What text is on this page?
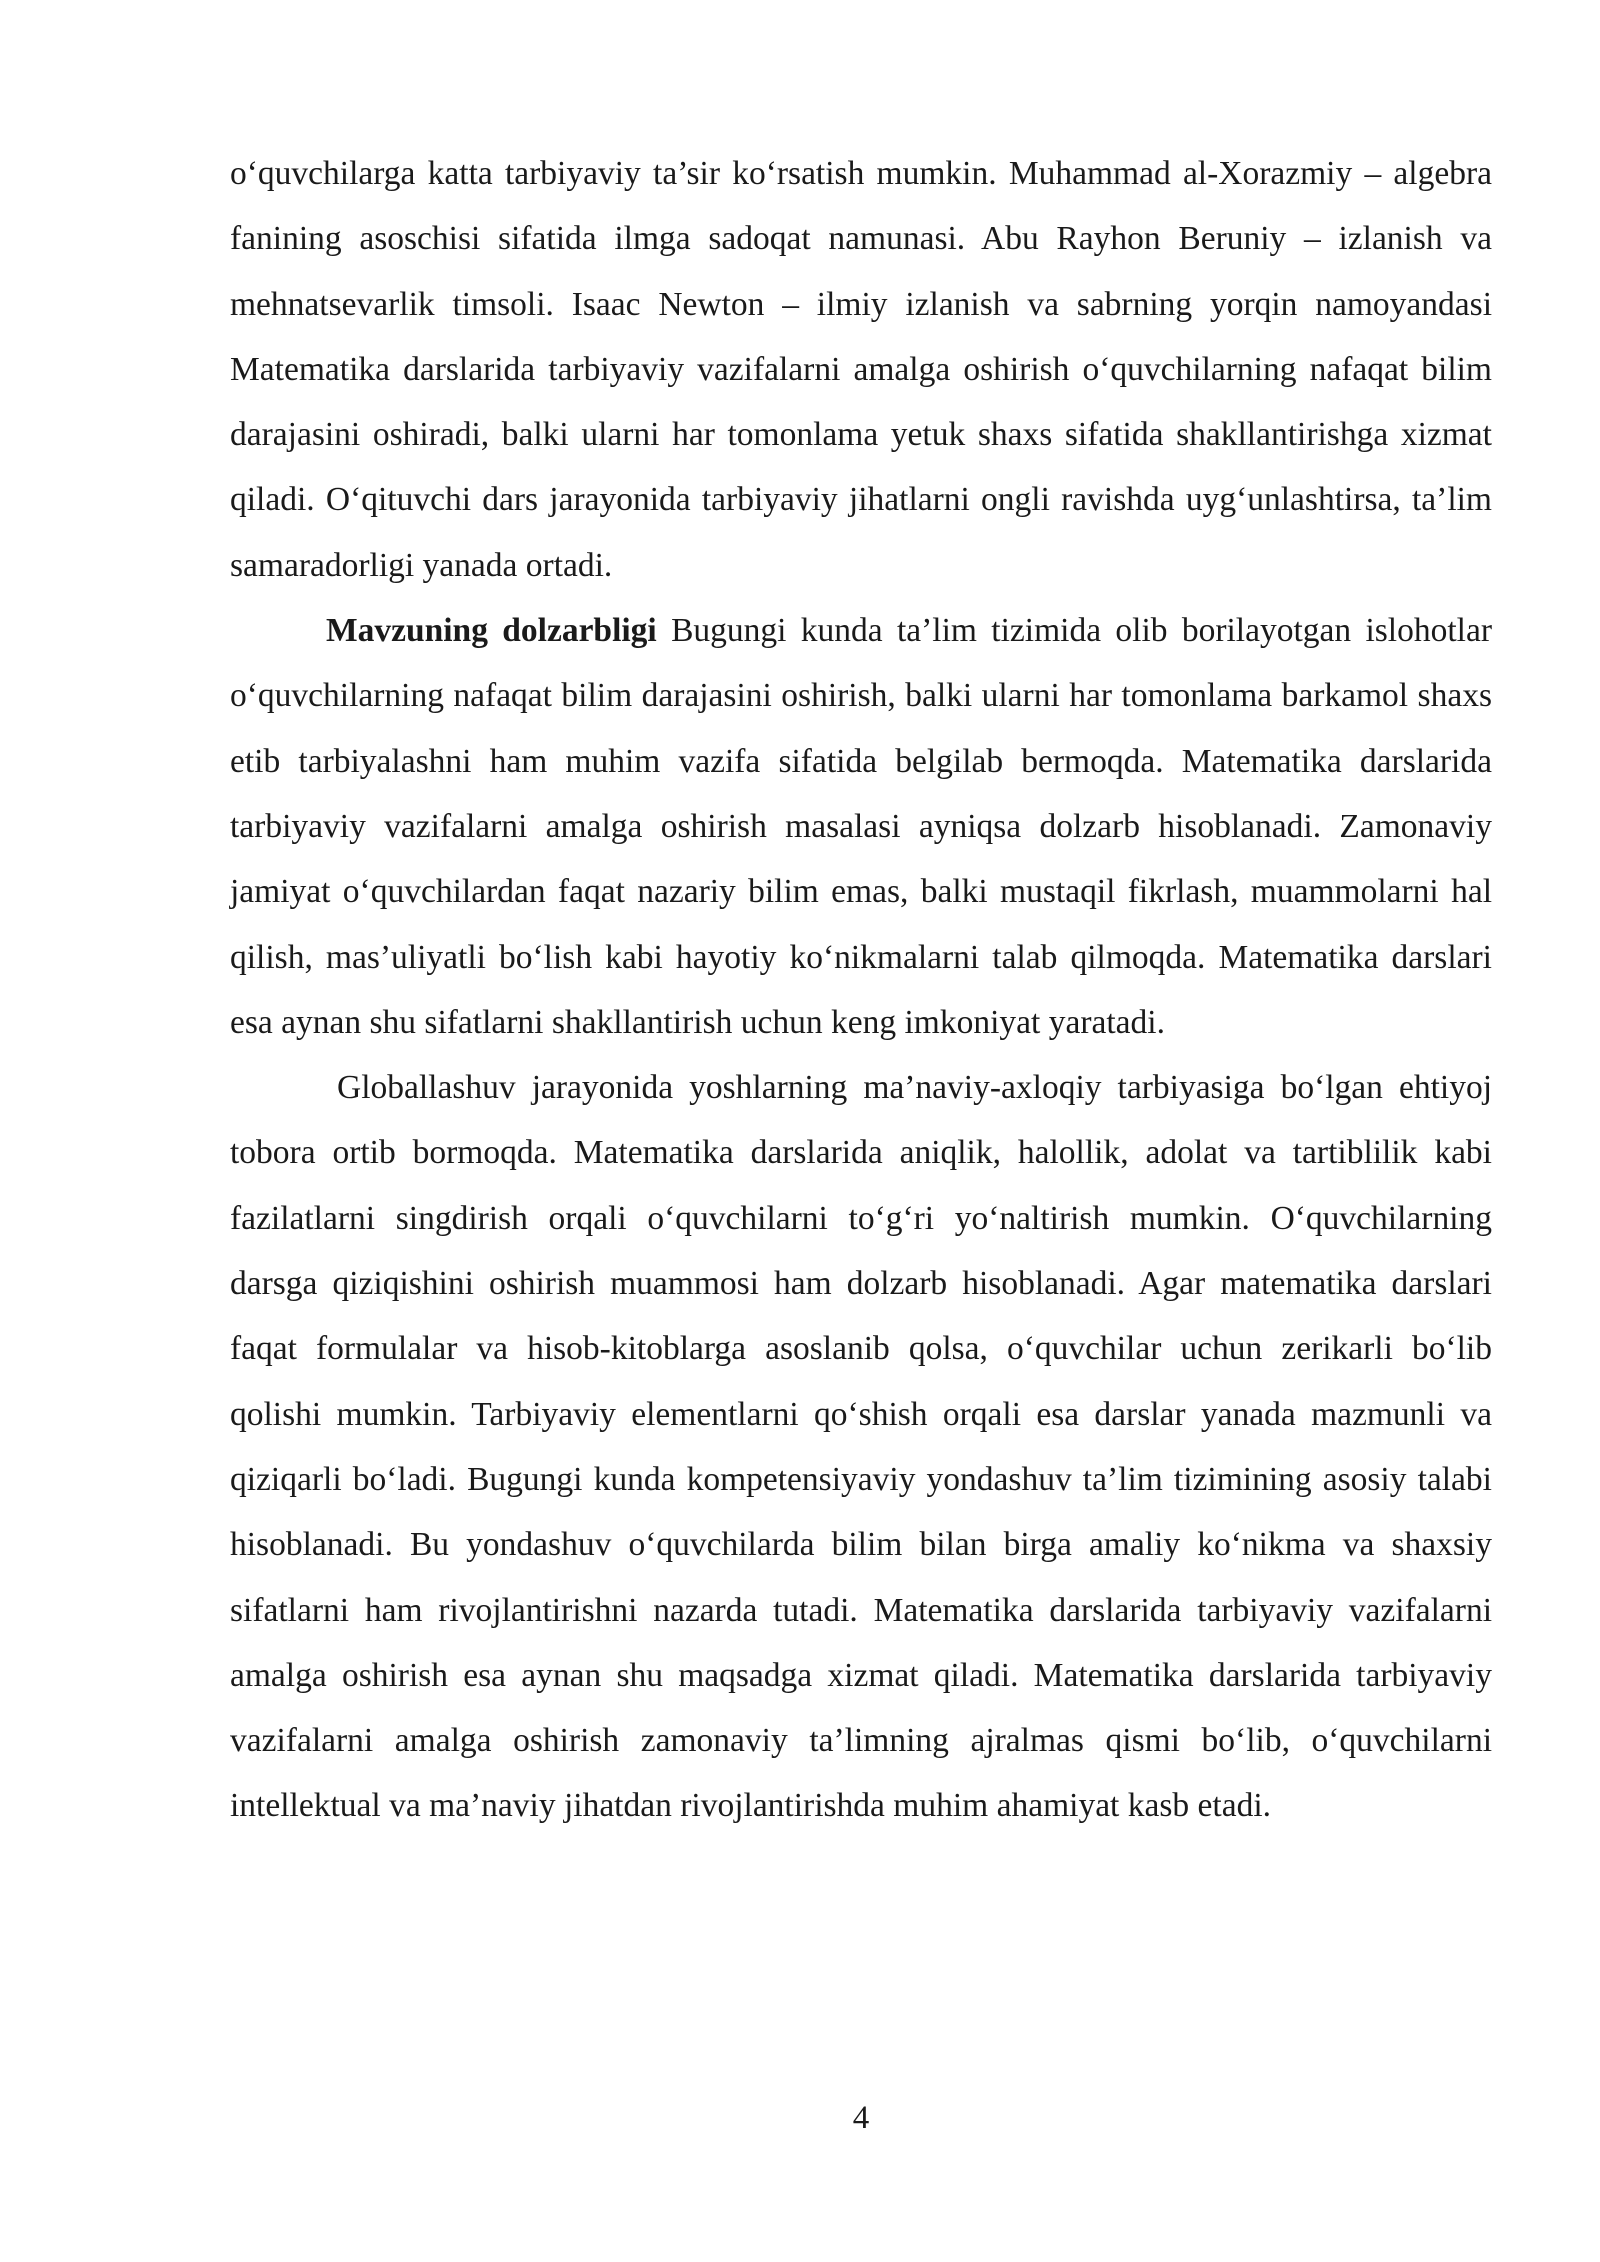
o‘quvchilarga katta tarbiyaviy ta’sir ko‘rsatish mumkin. Muhammad al-Xorazmiy – algebra fanining asoschisi sifatida ilmga sadoqat namunasi. Abu Rayhon Beruniy – izlanish va mehnatsevarlik timsoli. Isaac Newton – ilmiy izlanish va sabrning yorqin namoyandasi Matematika darslarida tarbiyaviy vazifalarni amalga oshirish o‘quvchilarning nafaqat bilim darajasini oshiradi, balki ularni har tomonlama yetuk shaxs sifatida shakllantirishga xizmat qiladi. O‘qituvchi dars jarayonida tarbiyaviy jihatlarni ongli ravishda uyg‘unlashtirsa, ta’lim samaradorligi yanada ortadi.

Mavzuning dolzarbligi Bugungi kunda ta’lim tizimida olib borilayotgan islohotlar o‘quvchilarning nafaqat bilim darajasini oshirish, balki ularni har tomonlama barkamol shaxs etib tarbiyalashni ham muhim vazifa sifatida belgilab bermoqda. Matematika darslarida tarbiyaviy vazifalarni amalga oshirish masalasi ayniqsa dolzarb hisoblanadi. Zamonaviy jamiyat o‘quvchilardan faqat nazariy bilim emas, balki mustaqil fikrlash, muammolarni hal qilish, mas’uliyatli bo‘lish kabi hayotiy ko‘nikmalarni talab qilmoqda. Matematika darslari esa aynan shu sifatlarni shakllantirish uchun keng imkoniyat yaratadi.

Globallashuv jarayonida yoshlarning ma’naviy-axloqiy tarbiyasiga bo‘lgan ehtiyoj tobora ortib bormoqda. Matematika darslarida aniqlik, halollik, adolat va tartiblilik kabi fazilatlarni singdirish orqali o‘quvchilarni to‘g‘ri yo‘naltirish mumkin. O‘quvchilarning darsga qiziqishini oshirish muammosi ham dolzarb hisoblanadi. Agar matematika darslari faqat formulalar va hisob-kitoblarga asoslanib qolsa, o‘quvchilar uchun zerikarli bo‘lib qolishi mumkin. Tarbiyaviy elementlarni qo‘shish orqali esa darslar yanada mazmunli va qiziqarli bo‘ladi. Bugungi kunda kompetensiyaviy yondashuv ta’lim tizimining asosiy talabi hisoblanadi. Bu yondashuv o‘quvchilarda bilim bilan birga amaliy ko‘nikma va shaxsiy sifatlarni ham rivojlantirishni nazarda tutadi. Matematika darslarida tarbiyaviy vazifalarni amalga oshirish esa aynan shu maqsadga xizmat qiladi. Matematika darslarida tarbiyaviy vazifalarni amalga oshirish zamonaviy ta’limning ajralmas qismi bo‘lib, o‘quvchilarni intellektual va ma’naviy jihatdan rivojlantirishda muhim ahamiyat kasb etadi.

4
